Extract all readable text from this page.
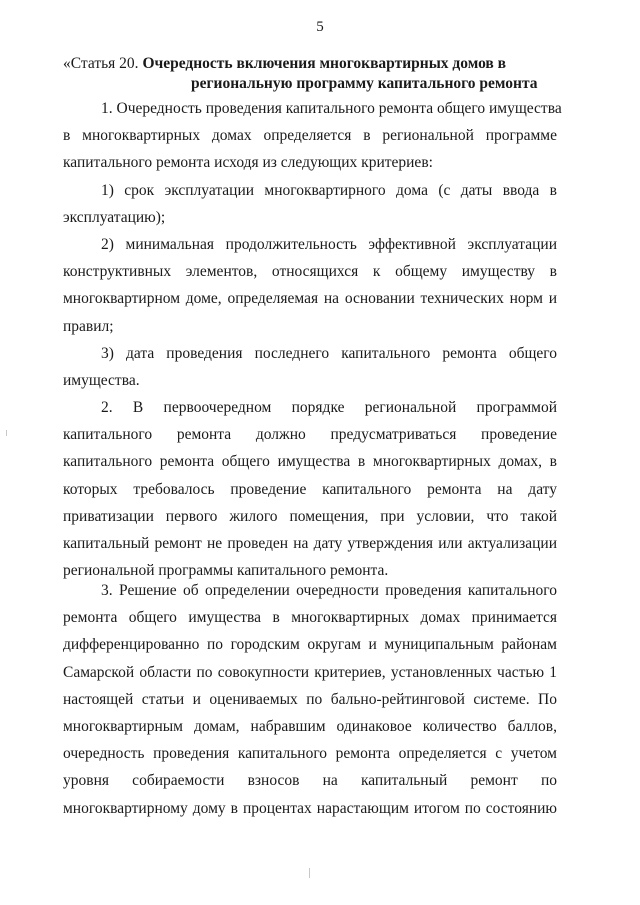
5
«Статья 20. Очередность включения многоквартирных домов в
региональную программу капитального ремонта
1. Очередность проведения капитального ремонта общего имущества
в многоквартирных домах определяется в региональной программе
капитального ремонта исходя из следующих критериев:
1) срок эксплуатации многоквартирного дома (с даты ввода в
эксплуатацию);
2) минимальная продолжительность эффективной эксплуатации
конструктивных элементов, относящихся к общему имуществу в
многоквартирном доме, определяемая на основании технических норм и
правил;
3) дата проведения последнего капитального ремонта общего
имущества.
2. В первоочередном порядке региональной программой
капитального ремонта должно предусматриваться проведение
капитального ремонта общего имущества в многоквартирных домах, в
которых требовалось проведение капитального ремонта на дату
приватизации первого жилого помещения, при условии, что такой
капитальный ремонт не проведен на дату утверждения или актуализации
региональной программы капитального ремонта.
3. Решение об определении очередности проведения капитального
ремонта общего имущества в многоквартирных домах принимается
дифференцированно по городским округам и муниципальным районам
Самарской области по совокупности критериев, установленных частью 1
настоящей статьи и оцениваемых по бально-рейтинговой системе. По
многоквартирным домам, набравшим одинаковое количество баллов,
очередность проведения капитального ремонта определяется с учетом
уровня собираемости взносов на капитальный ремонт по
многоквартирному дому в процентах нарастающим итогом по состоянию
